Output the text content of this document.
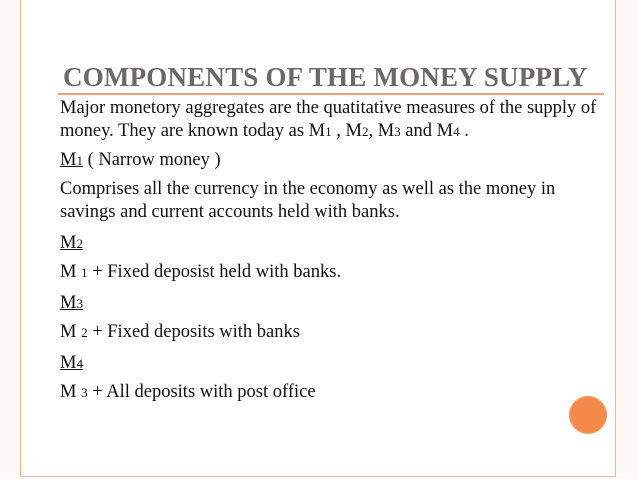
COMPONENTS OF THE MONEY SUPPLY

Major monetory aggregates are the quatitative measures of the supply of money. They are known today as M1 , M2, M3 and M4 .

M1 ( Narrow money )

Comprises all the currency in the economy as well as the money in savings and current accounts held with banks.

M2

M 1 + Fixed deposist held with banks.

M3

M 2 + Fixed deposits with banks

M4

M 3 + All deposits with post office
